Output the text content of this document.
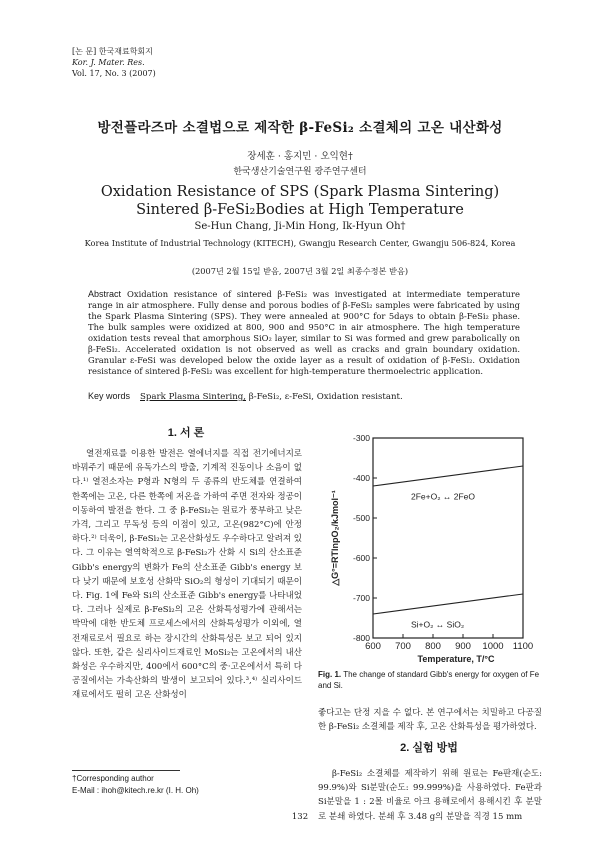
[논 문] 한국재료학회지
Kor. J. Mater. Res.
Vol. 17, No. 3 (2007)
방전플라즈마 소결법으로 제작한 β-FeSi₂ 소결체의 고온 내산화성
장세훈 · 홍지민 · 오익현†
한국생산기술연구원 광주연구센터
Oxidation Resistance of SPS (Spark Plasma Sintering)
Sintered β-FeSi₂Bodies at High Temperature
Se-Hun Chang, Ji-Min Hong, Ik-Hyun Oh†
Korea Institute of Industrial Technology (KITECH), Gwangju Research Center, Gwangju 506-824, Korea
(2007년 2월 15일 받음, 2007년 3월 2일 최종수정본 받음)
Abstract Oxidation resistance of sintered β-FeSi₂ was investigated at intermediate temperature range in air atmosphere. Fully dense and porous bodies of β-FeSi₂ samples were fabricated by using the Spark Plasma Sintering (SPS). They were annealed at 900°C for 5days to obtain β-FeSi₂ phase. The bulk samples were oxidized at 800, 900 and 950°C in air atmosphere. The high temperature oxidation tests reveal that amorphous SiO₂ layer, similar to Si was formed and grew parabolically on β-FeSi₂. Accelerated oxidation is not observed as well as cracks and grain boundary oxidation. Granular ε-FeSi was developed below the oxide layer as a result of oxidation of β-FeSi₂. Oxidation resistance of sintered β-FeSi₂ was excellent for high-temperature thermoelectric application.
Key words Spark Plasma Sintering, β-FeSi₂, ε-FeSi, Oxidation resistant.
1. 서 론

열전재료를 이용한 발전은 열에너지를 직접 전기에너지로 바꿔주기 때문에 유독가스의 방출, 기계적 진동이나 소음이 없다.¹⁾ 열전소자는 P형과 N형의 두 종류의 반도체를 연결하여 한쪽에는 고온, 다른 한쪽에 저온을 가하여 주면 전자와 정공이 이동하여 발전을 한다. 그 중 β-FeSi₂는 원료가 풍부하고 낮은 가격, 그리고 무독성 등의 이점이 있고, 고온(982°C)에 안정하다.²⁾ 더욱이, β-FeSi₂는 고온산화성도 우수하다고 알려져 있다. 그 이유는 열역학적으로 β-FeSi₂가 산화 시 Si의 산소표준 Gibb's energy의 변화가 Fe의 산소표준 Gibb's energy 보다 낮기 때문에 보호성 산화막 SiO₂의 형성이 기대되기 때문이다. Fig. 1에 Fe와 Si의 산소표준 Gibb's energy를 나타내었다. 그러나 실제로 β-FeSi₂의 고온 산화특성평가에 관해서는 박막에 대한 반도체 프로세스에서의 산화특성평가 이외에, 열전재료로서 필요로 하는 장시간의 산화특성은 보고 되어 있지 않다. 또한, 같은 실리사이드재료인 MoSi₂는 고온에서의 내산화성은 우수하지만, 400에서 600°C의 중·고온에서서 특히 다공질에서는 가속산화의 발생이 보고되어 있다.³,⁴⁾ 실리사이드 재료에서도 펄히 고온 산화성이

600 700 800 900 1000 1100
-300
-400
-500
-600
-700
-800
2Fe+O₂ ↔ 2FeO
Si+O₂ ↔ SiO₂
Temperature, T/°C
△G°=RTlnpO₂/kJmol⁻¹
Fig. 1. The change of standard Gibb's energy for oxygen of Fe and Si.

좋다고는 단정 지을 수 없다. 본 연구에서는 치밀하고 다공질 한 β-FeSi₂ 소결체를 제작 후, 고온 산화특성을 평가하였다.

2. 실험 방법

β-FeSi₂ 소결체를 제작하기 위해 원료는 Fe판재(순도: 99.9%)와 Si분말(순도: 99.999%)을 사용하였다. Fe판과 Si분말을 1 : 2몰 비율로 아크 용해로에서 용해시킨 후 분말로 분쇄 하였다. 분쇄 후 3.48 g의 분말을 직경 15 mm

†Corresponding author
E-Mail : ihoh@kitech.re.kr (I. H. Oh)
132
